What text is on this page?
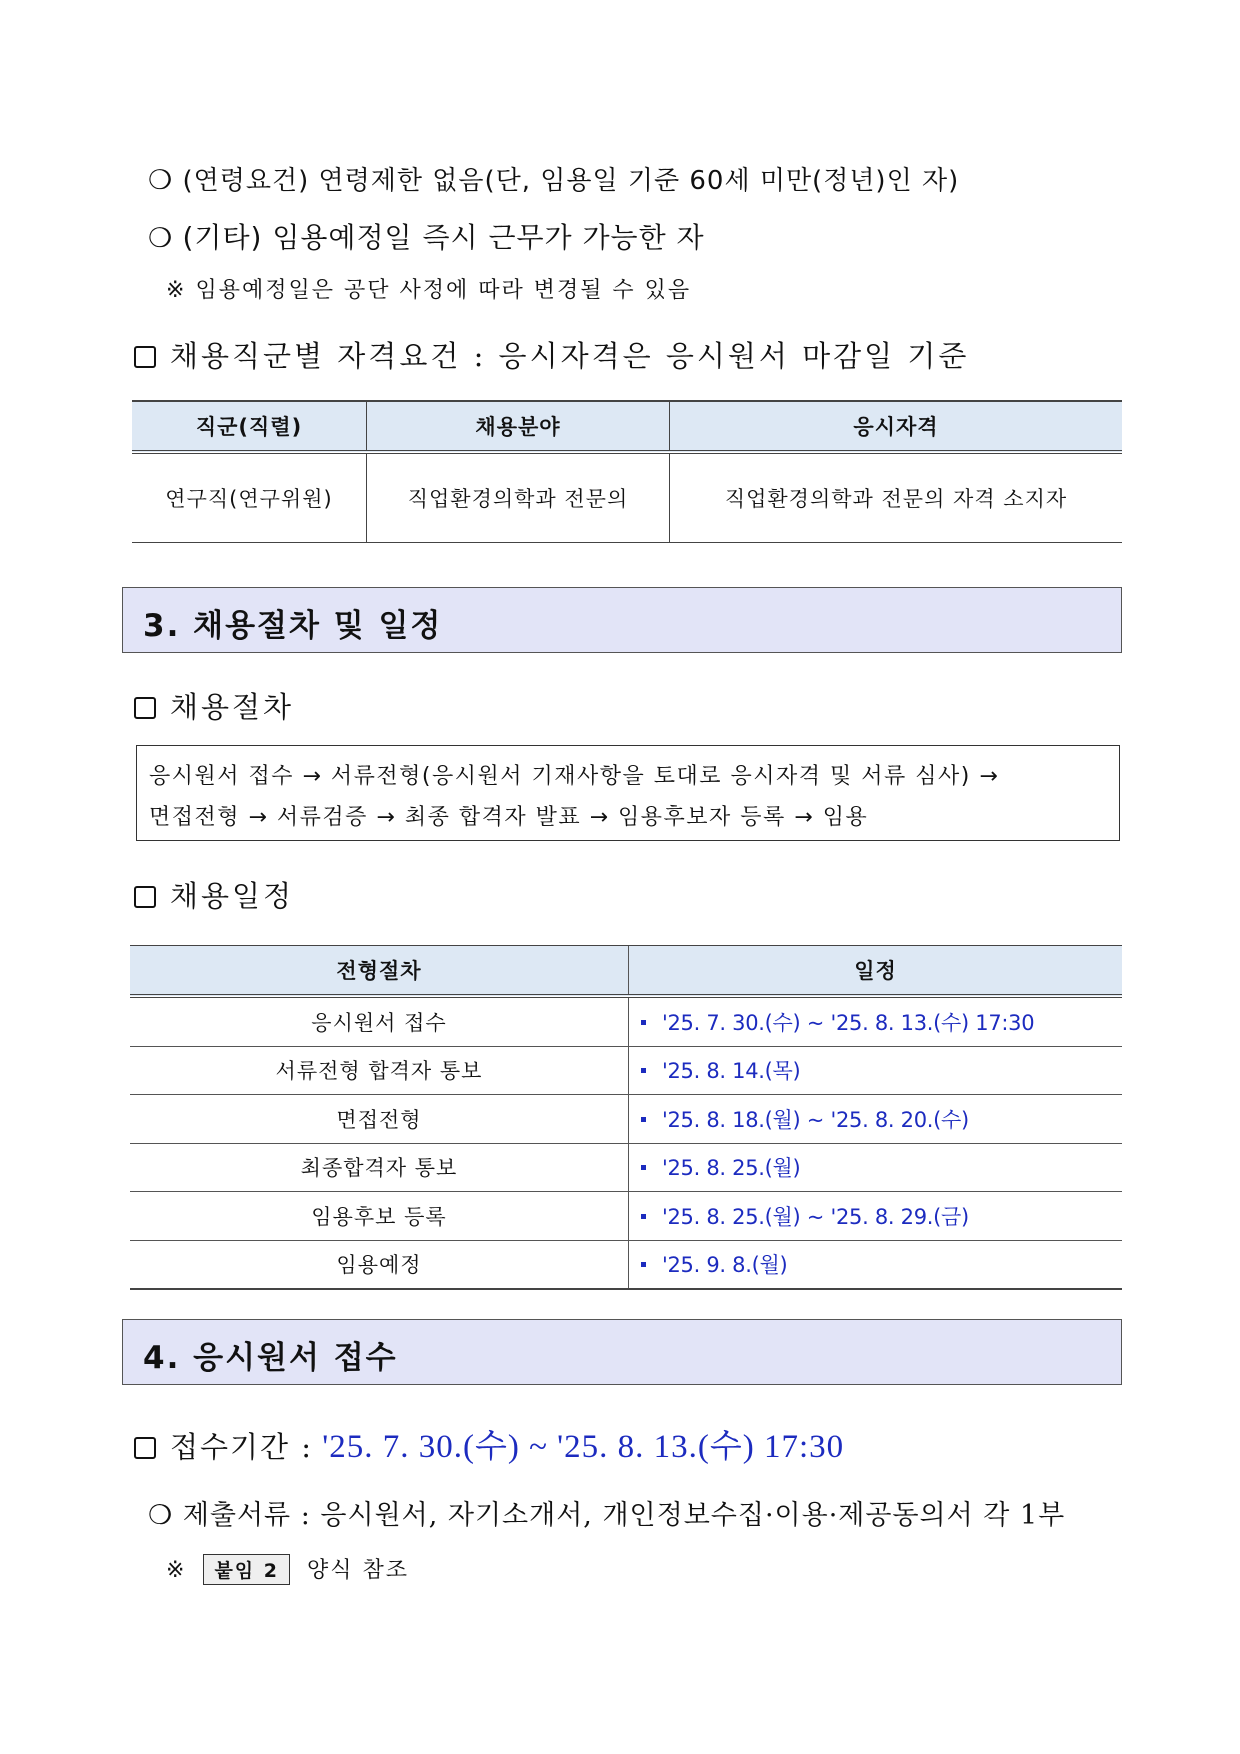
❍ (연령요건) 연령제한 없음(단, 임용일 기준 60세 미만(정년)인 자)
❍ (기타) 임용예정일 즉시 근무가 가능한 자
※ 임용예정일은 공단 사정에 따라 변경될 수 있음
채용직군별 자격요건 : 응시자격은 응시원서 마감일 기준
직군(직렬)	채용분야	응시자격
연구직(연구위원)	직업환경의학과 전문의	직업환경의학과 전문의 자격 소지자
3. 채용절차 및 일정
채용절차
응시원서 접수 → 서류전형(응시원서 기재사항을 토대로 응시자격 및 서류 심사) →
면접전형 → 서류검증 → 최종 합격자 발표 → 임용후보자 등록 → 임용
채용일정
전형절차	일정
응시원서 접수	'25. 7. 30.(수) ~ '25. 8. 13.(수) 17:30
서류전형 합격자 통보	'25. 8. 14.(목)
면접전형	'25. 8. 18.(월) ~ '25. 8. 20.(수)
최종합격자 통보	'25. 8. 25.(월)
임용후보 등록	'25. 8. 25.(월) ~ '25. 8. 29.(금)
임용예정	'25. 9. 8.(월)
4. 응시원서 접수
접수기간 : '25. 7. 30.(수) ~ '25. 8. 13.(수) 17:30
❍ 제출서류 : 응시원서, 자기소개서, 개인정보수집·이용·제공동의서 각 1부
※ 붙임 2 양식 참조
